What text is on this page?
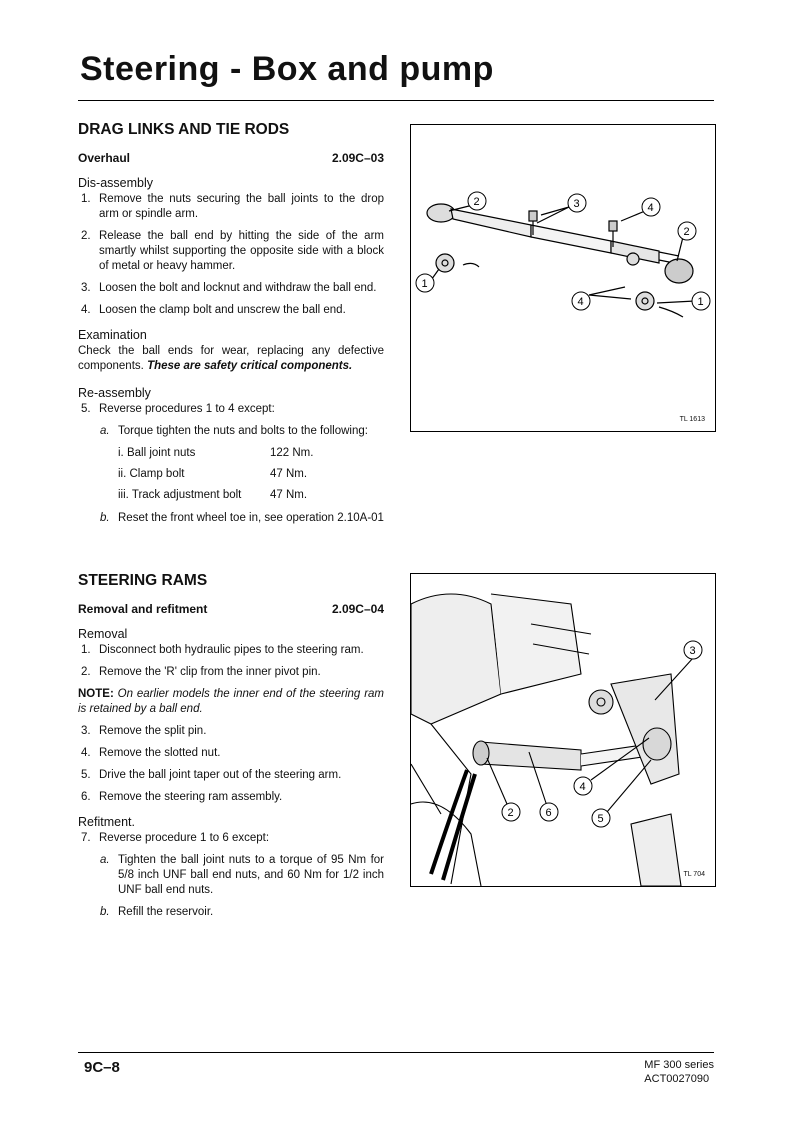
Steering - Box and pump
DRAG LINKS AND TIE RODS
Overhaul	2.09C–03
Dis-assembly
1. Remove the nuts securing the ball joints to the drop arm or spindle arm.
2. Release the ball end by hitting the side of the arm smartly whilst supporting the opposite side with a block of metal or heavy hammer.
3. Loosen the bolt and locknut and withdraw the ball end.
4. Loosen the clamp bolt and unscrew the ball end.
Examination

Check the ball ends for wear, replacing any defective components. These are safety critical components.

Re-assembly
5. Reverse procedures 1 to 4 except:
a. Torque tighten the nuts and bolts to the following:
i. Ball joint nuts	122 Nm.
ii. Clamp bolt	47 Nm.
iii. Track adjustment bolt	47 Nm.
b. Reset the front wheel toe in, see operation 2.10A-01
2	3	4
2
4	1
1
TL 1613
STEERING RAMS
Removal and refitment	2.09C–04
Removal
1. Disconnect both hydraulic pipes to the steering ram.
2. Remove the 'R' clip from the inner pivot pin.

NOTE: On earlier models the inner end of the steering ram is retained by a ball end.

3. Remove the split pin.
4. Remove the slotted nut.
5. Drive the ball joint taper out of the steering arm.
6. Remove the steering ram assembly.
Refitment.
7. Reverse procedure 1 to 6 except:
a. Tighten the ball joint nuts to a torque of 95 Nm for 5/8 inch UNF ball end nuts, and 60 Nm for 1/2 inch UNF ball end nuts.
b. Refill the reservoir.
3
4
2	6	5
TL 704
9C–8	MF 300 series
ACT0027090
